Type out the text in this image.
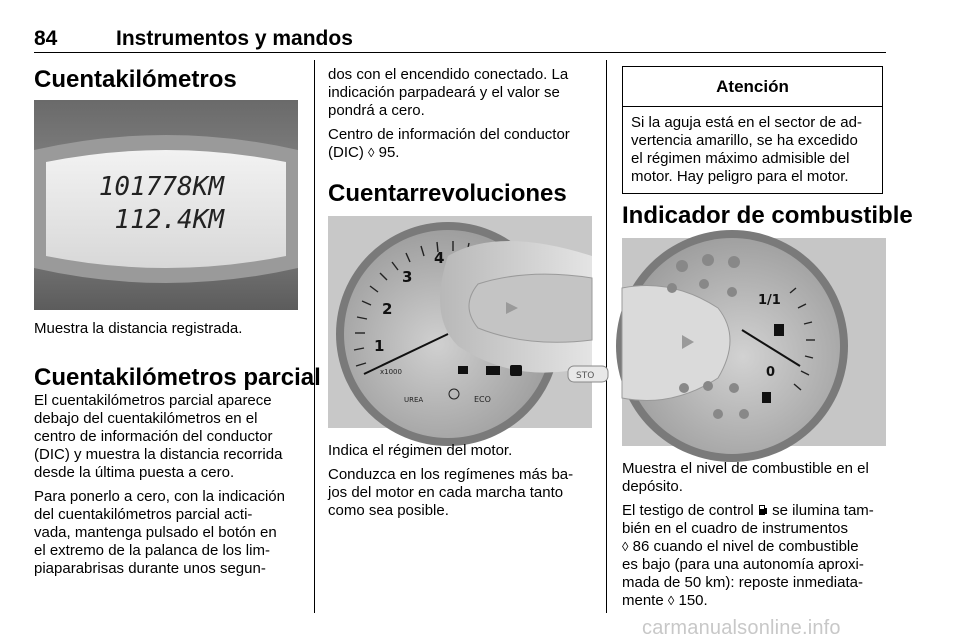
84	Instrumentos y mandos
Cuentakilómetros
101778KM
112.4KM

Muestra la distancia registrada.

Cuentakilómetros parcial

El cuentakilómetros parcial aparece
debajo del cuentakilómetros en el
centro de información del conductor
(DIC) y muestra la distancia recorrida
desde la última puesta a cero.

Para ponerlo a cero, con la indicación
del cuentakilómetros parcial acti-
vada, mantenga pulsado el botón en
el extremo de la palanca de los lim-
piaparabrisas durante unos segun-

dos con el encendido conectado. La
indicación parpadeará y el valor se
pondrá a cero.

Centro de información del conductor
(DIC) ◊ 95.

Cuentarrevoluciones
1
2
3
4
x1000	STO
UREA	ECO

Indica el régimen del motor.

Conduzca en los regímenes más ba-
jos del motor en cada marcha tanto
como sea posible.

Atención
Si la aguja está en el sector de ad-
vertencia amarillo, se ha excedido
el régimen máximo admisible del
motor. Hay peligro para el motor.
Indicador de combustible
1/1
0

Muestra el nivel de combustible en el
depósito.

El testigo de control se ilumina tam-
bién en el cuadro de instrumentos
◊ 86 cuando el nivel de combustible
es bajo (para una autonomía aproxi-
mada de 50 km): reposte inmediata-
mente ◊ 150.

carmanualsonline.info
